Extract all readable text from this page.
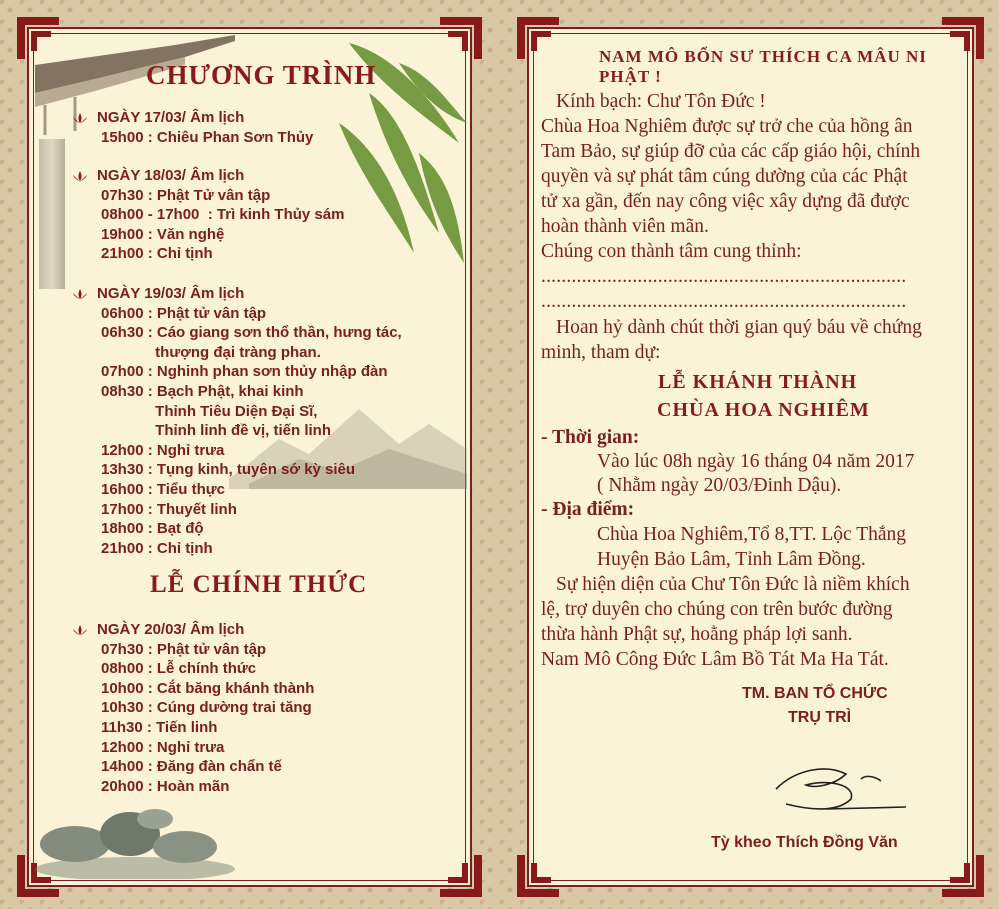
CHƯƠNG TRÌNH
NGÀY 17/03/ Âm lịch
15h00 : Chiêu Phan Sơn Thủy
NGÀY 18/03/ Âm lịch
07h30 : Phật Tử vân tập
08h00 - 17h00  : Trì kinh Thủy sám
19h00 : Văn nghệ
21h00 : Chỉ tịnh
NGÀY 19/03/ Âm lịch
06h00 : Phật tử vân tập
06h30 : Cáo giang sơn thổ thần, hưng tác,
thượng đại tràng phan.
07h00 : Nghinh phan sơn thủy nhập đàn
08h30 : Bạch Phật, khai kinh
Thỉnh Tiêu Diện Đại Sĩ,
Thỉnh linh đề vị, tiến linh
12h00 : Nghỉ trưa
13h30 : Tụng kinh, tuyên sớ kỳ siêu
16h00 : Tiểu thực
17h00 : Thuyết linh
18h00 : Bạt độ
21h00 : Chỉ tịnh
NGÀY 20/03/ Âm lịch
07h30 : Phật tử vân tập
08h00 : Lễ chính thức
10h00 : Cắt băng khánh thành
10h30 : Cúng dường trai tăng
11h30 : Tiến linh
12h00 : Nghỉ trưa
14h00 : Đăng đàn chẩn tế
20h00 : Hoàn mãn
LỄ CHÍNH THỨC
NAM MÔ BỔN SƯ THÍCH CA MÂU NI PHẬT !
Kính bạch: Chư Tôn Đức !
Chùa Hoa Nghiêm được sự trở che của hồng ân
Tam Bảo, sự giúp đỡ của các cấp giáo hội, chính
quyền và sự phát tâm cúng dường của các Phật
tử xa gần, đến nay công việc xây dựng đã được
hoàn thành viên mãn.
Chúng con thành tâm cung thỉnh:
........................................................................
........................................................................
Hoan hỷ dành chút thời gian quý báu về chứng
minh, tham dự:
LỄ KHÁNH THÀNH
CHÙA HOA NGHIÊM
- Thời gian:
Vào lúc 08h ngày 16 tháng 04 năm 2017
( Nhằm ngày 20/03/Đinh Dậu).
- Địa điểm:
Chùa Hoa Nghiêm,Tổ 8,TT. Lộc Thắng
Huyện Bảo Lâm, Tỉnh Lâm Đồng.
Sự hiện diện của Chư Tôn Đức là niềm khích
lệ, trợ duyên cho chúng con trên bước đường
thừa hành Phật sự, hoằng pháp lợi sanh.
Nam Mô Công Đức Lâm Bồ Tát Ma Ha Tát.
TM. BAN TỔ CHỨC
TRỤ TRÌ
Tỳ kheo Thích Đồng Văn
